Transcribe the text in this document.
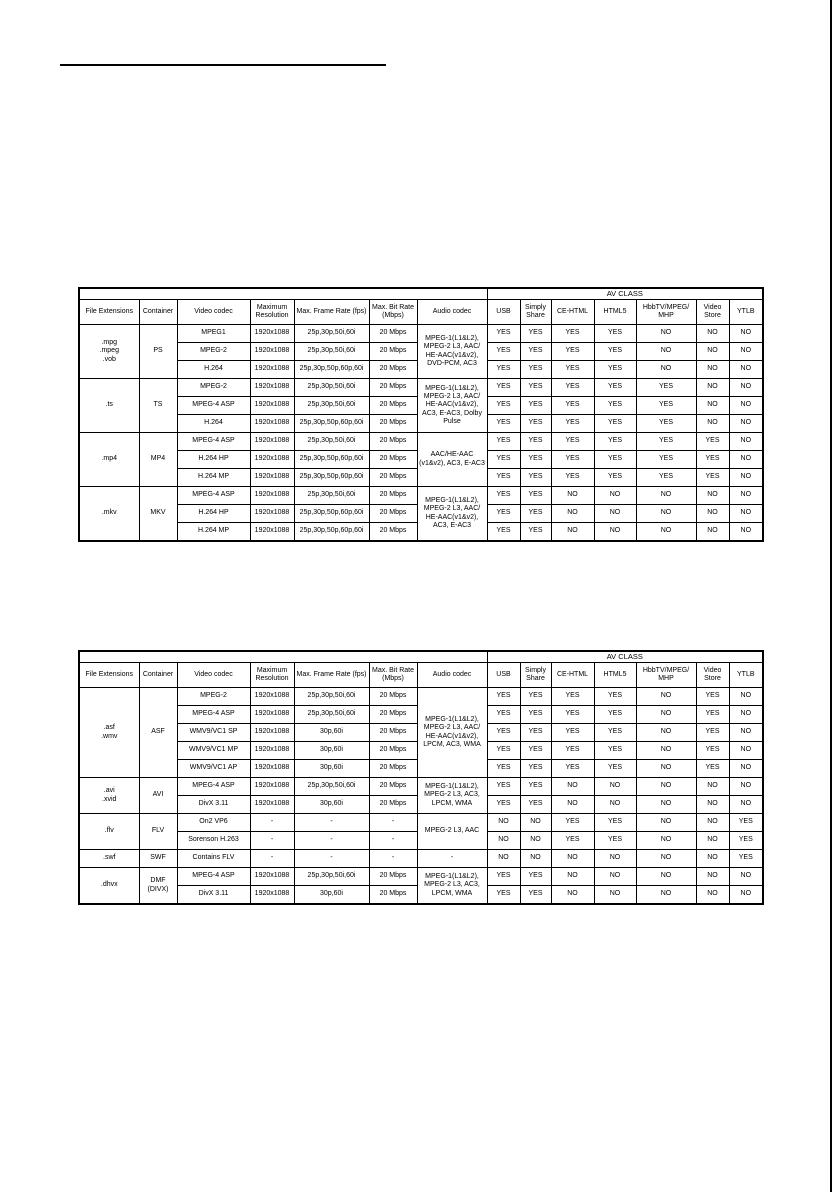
							AV CLASS						
File Extensions	Container	Video codec	Maximum Resolution	Max. Frame Rate (fps)	Max. Bit Rate (Mbps)	Audio codec	USB	Simply Share	CE-HTML	HTML5	HbbTV/MPEG/ MHP	Video Store	YTLB
.mpg
.mpeg
.vob	PS	MPEG1	1920x1088	25p,30p,50i,60i	20 Mbps	MPEG-1(L1&L2), MPEG-2 L3, AAC/ HE-AAC(v1&v2), DVD-PCM, AC3	YES	YES	YES	YES	NO	NO	NO
		MPEG-2	1920x1088	25p,30p,50i,60i	20 Mbps		YES	YES	YES	YES	NO	NO	NO
		H.264	1920x1088	25p,30p,50p,60p,60i	20 Mbps		YES	YES	YES	YES	NO	NO	NO
.ts	TS	MPEG-2	1920x1088	25p,30p,50i,60i	20 Mbps	MPEG-1(L1&L2), MPEG-2 L3, AAC/ HE-AAC(v1&v2), AC3, E-AC3, Dolby Pulse	YES	YES	YES	YES	YES	NO	NO
		MPEG-4 ASP	1920x1088	25p,30p,50i,60i	20 Mbps		YES	YES	YES	YES	YES	NO	NO
		H.264	1920x1088	25p,30p,50p,60p,60i	20 Mbps		YES	YES	YES	YES	YES	NO	NO
.mp4	MP4	MPEG-4 ASP	1920x1088	25p,30p,50i,60i	20 Mbps	AAC/HE-AAC (v1&v2), AC3, E-AC3	YES	YES	YES	YES	YES	YES	NO
		H.264 HP	1920x1088	25p,30p,50p,60p,60i	20 Mbps		YES	YES	YES	YES	YES	YES	NO
		H.264 MP	1920x1088	25p,30p,50p,60p,60i	20 Mbps		YES	YES	YES	YES	YES	YES	NO
.mkv	MKV	MPEG-4 ASP	1920x1088	25p,30p,50i,60i	20 Mbps	MPEG-1(L1&L2), MPEG-2 L3, AAC/ HE-AAC(v1&v2), AC3, E-AC3	YES	YES	NO	NO	NO	NO	NO
		H.264 HP	1920x1088	25p,30p,50p,60p,60i	20 Mbps		YES	YES	NO	NO	NO	NO	NO
		H.264 MP	1920x1088	25p,30p,50p,60p,60i	20 Mbps		YES	YES	NO	NO	NO	NO	NO
							AV CLASS						
File Extensions	Container	Video codec	Maximum Resolution	Max. Frame Rate (fps)	Max. Bit Rate (Mbps)	Audio codec	USB	Simply Share	CE-HTML	HTML5	HbbTV/MPEG/ MHP	Video Store	YTLB
.asf
.wmv	ASF	MPEG-2	1920x1088	25p,30p,50i,60i	20 Mbps	MPEG-1(L1&L2), MPEG-2 L3, AAC/ HE-AAC(v1&v2), LPCM, AC3, WMA	YES	YES	YES	YES	NO	YES	NO
		MPEG-4 ASP	1920x1088	25p,30p,50i,60i	20 Mbps		YES	YES	YES	YES	NO	YES	NO
		WMV9/VC1 SP	1920x1088	30p,60i	20 Mbps		YES	YES	YES	YES	NO	YES	NO
		WMV9/VC1 MP	1920x1088	30p,60i	20 Mbps		YES	YES	YES	YES	NO	YES	NO
		WMV9/VC1 AP	1920x1088	30p,60i	20 Mbps		YES	YES	YES	YES	NO	YES	NO
.avi
.xvid	AVI	MPEG-4 ASP	1920x1088	25p,30p,50i,60i	20 Mbps	MPEG-1(L1&L2), MPEG-2 L3, AC3, LPCM, WMA	YES	YES	NO	NO	NO	NO	NO
		DivX 3.11	1920x1088	30p,60i	20 Mbps		YES	YES	NO	NO	NO	NO	NO
.flv	FLV	On2 VP6	-	-	-	MPEG-2 L3, AAC	NO	NO	YES	YES	NO	NO	YES
		Sorenson H.263	-	-	-		NO	NO	YES	YES	NO	NO	YES
.swf	SWF	Contains FLV	-	-	-	-	NO	NO	NO	NO	NO	NO	YES
.dhvx	DMF (DIVX)	MPEG-4 ASP	1920x1088	25p,30p,50i,60i	20 Mbps	MPEG-1(L1&L2), MPEG-2 L3, AC3, LPCM, WMA	YES	YES	NO	NO	NO	NO	NO
		DivX 3.11	1920x1088	30p,60i	20 Mbps		YES	YES	NO	NO	NO	NO	NO
